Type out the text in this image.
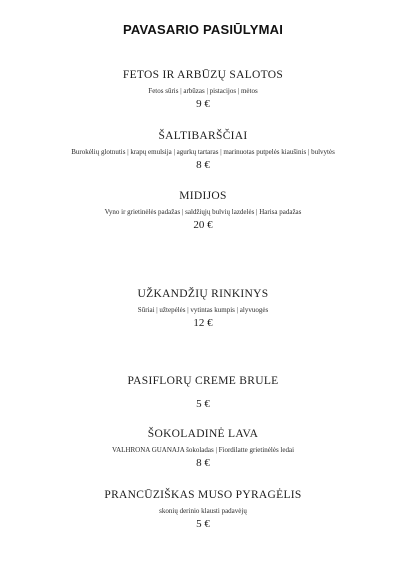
PAVASARIO PASIŪLYMAI
FETOS IR ARBŪZŲ SALOTOS
Fetos sūris | arbūzas | pistacijos | mėtos
9 €
ŠALTIBARŠČIAI
Burokėlių glotnutis | krapų emulsija | agurkų tartaras | marinuotas putpelės kiaušinis | bulvytės
8 €
MIDIJOS
Vyno ir grietinėlės padažas | saldžiųjų bulvių lazdelės | Harisa padažas
20 €
UŽKANDŽIŲ RINKINYS
Sūriai | užtepėlės | vytintas kumpis | alyvuogės
12 €
PASIFLORŲ CREME BRULE
5 €
ŠOKOLADINĖ LAVA
VALHRONA GUANAJA šokoladas | Fiordilatte grietinėlės ledai
8 €
PRANCŪZIŠKAS MUSO PYRAGĖLIS
skonių derinio klausti padavėjų
5 €
